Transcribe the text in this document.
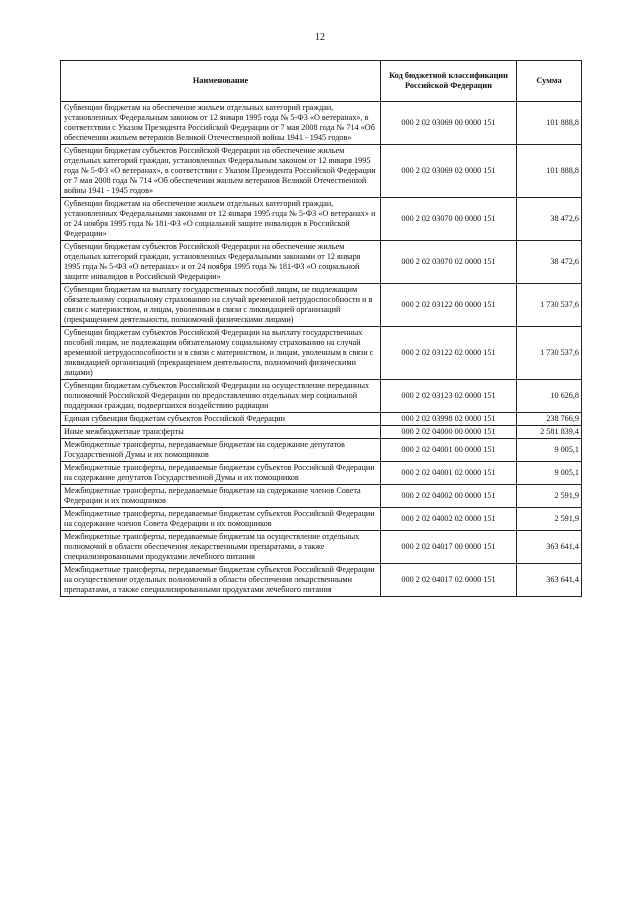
12
Наименование	Код бюджетной классификации Российской Федерации	Сумма
Субвенции бюджетам на обеспечение жильем отдельных категорий граждан, установленных Федеральным законом от 12 января 1995 года № 5-ФЗ «О ветеранах», в соответствии с Указом Президента Российской Федерации от 7 мая 2008 года № 714 «Об обеспечении жильем ветеранов Великой Отечественной войны 1941 - 1945 годов»	000 2 02 03069 00 0000 151	101 888,8
Субвенции бюджетам субъектов Российской Федерации на обеспечение жильем отдельных категорий граждан, установленных Федеральным законом от 12 января 1995 года № 5-ФЗ «О ветеранах», в соответствии с Указом Президента Российской Федерации от 7 мая 2008 года № 714 «Об обеспечении жильем ветеранов Великой Отечественной войны 1941 - 1945 годов»	000 2 02 03069 02 0000 151	101 888,8
Субвенции бюджетам на обеспечение жильем отдельных категорий граждан, установленных Федеральными законами от 12 января 1995 года № 5-ФЗ «О ветеранах» и от 24 ноября 1995 года № 181-ФЗ «О социальной защите инвалидов в Российской Федерации»	000 2 02 03070 00 0000 151	38 472,6
Субвенции бюджетам субъектов Российской Федерации на обеспечение жильем отдельных категорий граждан, установленных Федеральными законами от 12 января 1995 года № 5-ФЗ «О ветеранах» и от 24 ноября 1995 года № 181-ФЗ «О социальной защите инвалидов в Российской Федерации»	000 2 02 03070 02 0000 151	38 472,6
Субвенции бюджетам на выплату государственных пособий лицам, не подлежащим обязательному социальному страхованию на случай временной нетрудоспособности и в связи с материнством, и лицам, уволенным в связи с ликвидацией организаций (прекращением деятельности, полномочий физическими лицами)	000 2 02 03122 00 0000 151	1 730 537,6
Субвенции бюджетам субъектов Российской Федерации на выплату государственных пособий лицам, не подлежащим обязательному социальному страхованию на случай временной нетрудоспособности и в связи с материнством, и лицам, уволенным в связи с ликвидацией организаций (прекращением деятельности, полномочий физическими лицами)	000 2 02 03122 02 0000 151	1 730 537,6
Субвенции бюджетам субъектов Российской Федерации на осуществление переданных полномочий Российской Федерации по предоставлению отдельных мер социальной поддержки граждан, подвергшихся воздействию радиации	000 2 02 03123 02 0000 151	10 626,8
Единая субвенция бюджетам субъектов Российской Федерации	000 2 02 03998 02 0000 151	238 766,9
Иные межбюджетные трансферты	000 2 02 04000 00 0000 151	2 581 839,4
Межбюджетные трансферты, передаваемые бюджетам на содержание депутатов Государственной Думы и их помощников	000 2 02 04001 00 0000 151	9 005,1
Межбюджетные трансферты, передаваемые бюджетам субъектов Российской Федерации на содержание депутатов Государственной Думы и их помощников	000 2 02 04001 02 0000 151	9 005,1
Межбюджетные трансферты, передаваемые бюджетам на содержание членов Совета Федерации и их помощников	000 2 02 04002 00 0000 151	2 591,9
Межбюджетные трансферты, передаваемые бюджетам субъектов Российской Федерации на содержание членов Совета Федерации и их помощников	000 2 02 04002 02 0000 151	2 591,9
Межбюджетные трансферты, передаваемые бюджетам на осуществление отдельных полномочий в области обеспечения лекарственными препаратами, а также специализированными продуктами лечебного питания	000 2 02 04017 00 0000 151	363 641,4
Межбюджетные трансферты, передаваемые бюджетам субъектов Российской Федерации на осуществление отдельных полномочий в области обеспечения лекарственными препаратами, а также специализированными продуктами лечебного питания	000 2 02 04017 02 0000 151	363 641,4
